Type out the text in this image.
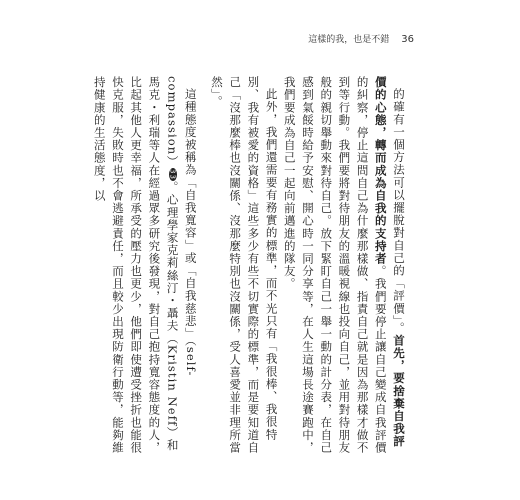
這樣的我，也是不錯 36

的確有一個方法可以擺脫對自己的「評價」。首先，要捨棄自我評價的心態，轉而成為自我的支持者。我們要停止讓自己變成自我評價的糾察，停止這問自己為什麼那樣做、指責自己就是因為那樣才做不到等行動。我們要將對待朋友的溫暖視線也投向自己，並用對待朋友般的親切舉動來對待自己。放下緊盯自己一舉一動的計分表，在自己感到氣餒時給予安慰、開心時一同分享等，在人生這場長途賽跑中，我們要成為自己一起向前邁進的隊友。

此外，我們還需要有務實的標準，而不光只有「我很棒、我很特別、我有被愛的資格」這些多少有些不切實際的標準，而是要知道自己「沒那麼棒也沒關係、沒那麼特別也沒關係，受人喜愛並非理所當然」。

這種態度被稱為「自我寬容」或「自我慈悲」（self-compassion）33。心理學家克莉絲汀・聶夫（Kristin Neff）和馬克・利瑞等人在經過眾多研究後發現，對自己抱持寬容態度的人，比起其他人更幸福，所承受的壓力也更少，他們即使遭受挫折也能很快克服，失敗時也不會逃避責任，而且較少出現防衛行動等，能夠維持健康的生活態度，以
